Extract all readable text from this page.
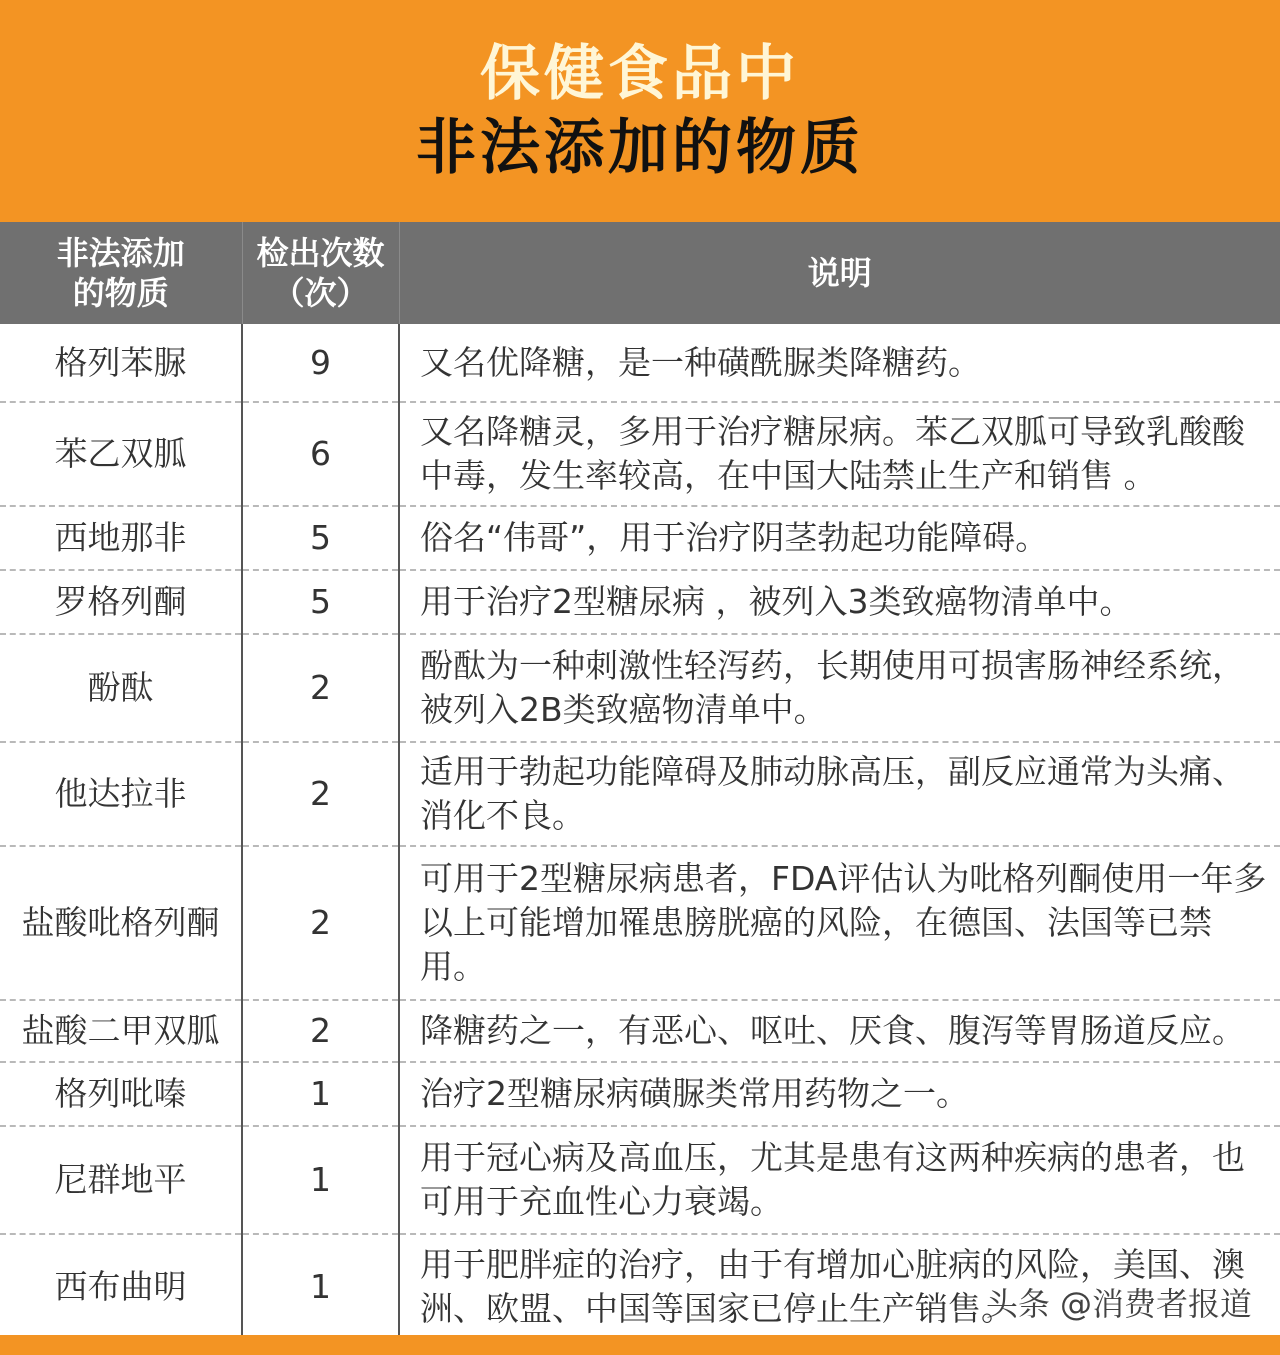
保健食品中
非法添加的物质
非法添加的物质	检出次数（次）	说明
格列苯脲	9	又名优降糖，是一种磺酰脲类降糖药。
苯乙双胍	6	又名降糖灵，多用于治疗糖尿病。苯乙双胍可导致乳酸酸中毒，发生率较高，在中国大陆禁止生产和销售 。
西地那非	5	俗名“伟哥”，用于治疗阴茎勃起功能障碍。
罗格列酮	5	用于治疗2型糖尿病 ，被列入3类致癌物清单中。
酚酞	2	酚酞为一种刺激性轻泻药，长期使用可损害肠神经系统，被列入2B类致癌物清单中。
他达拉非	2	适用于勃起功能障碍及肺动脉高压，副反应通常为头痛、消化不良。
盐酸吡格列酮	2	可用于2型糖尿病患者，FDA评估认为吡格列酮使用一年多以上可能增加罹患膀胱癌的风险，在德国、法国等已禁用。
盐酸二甲双胍	2	降糖药之一，有恶心、呕吐、厌食、腹泻等胃肠道反应。
格列吡嗪	1	治疗2型糖尿病磺脲类常用药物之一。
尼群地平	1	用于冠心病及高血压，尤其是患有这两种疾病的患者，也可用于充血性心力衰竭。
西布曲明	1	用于肥胖症的治疗，由于有增加心脏病的风险，美国、澳洲、欧盟、中国等国家已停止生产销售。
头条 @消费者报道
